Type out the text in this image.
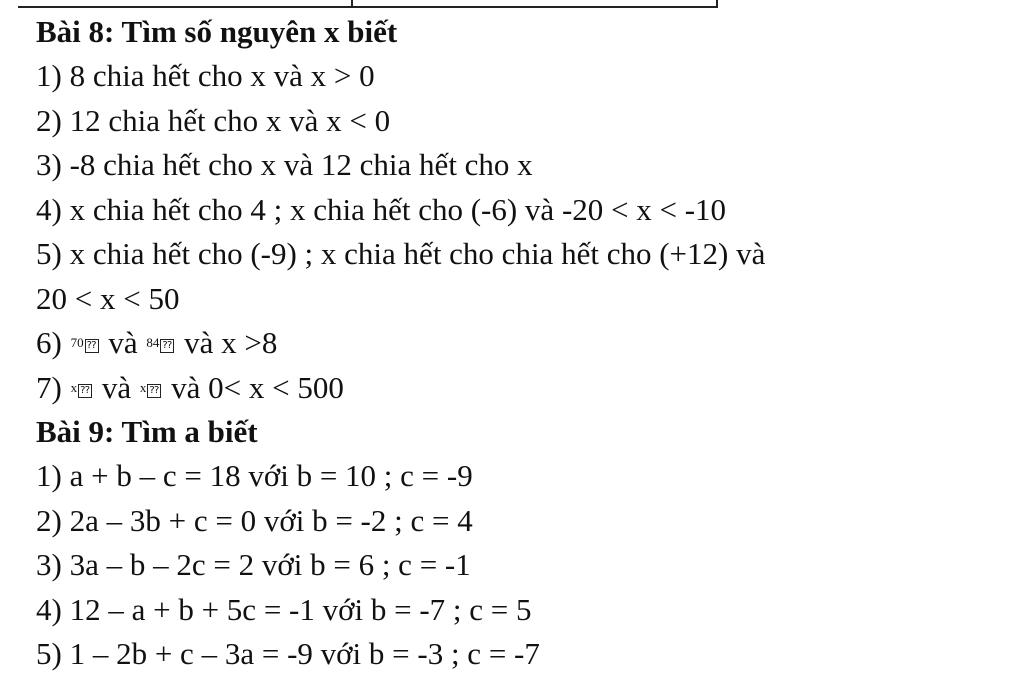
Bài 8: Tìm số nguyên x biết
1) 8 chia hết cho x và x > 0
2) 12 chia hết cho x và x < 0
3) -8 chia hết cho x và 12 chia hết cho x
4) x chia hết cho 4 ; x chia hết cho (-6) và -20 < x < -10
5) x chia hết cho (-9) ; x chia hết cho chia hết cho (+12) và
20 < x < 50
6) 70 ⁇ và 84 ⁇ và x >8
7) x ⁇ và x ⁇ và 0< x < 500
Bài 9: Tìm a biết
1) a + b – c = 18 với b = 10 ; c = -9
2) 2a – 3b + c = 0 với b = -2 ; c = 4
3) 3a – b – 2c = 2 với b = 6 ; c = -1
4) 12 – a + b + 5c = -1 với b = -7 ; c = 5
5) 1 – 2b + c – 3a = -9 với b = -3 ; c = -7
